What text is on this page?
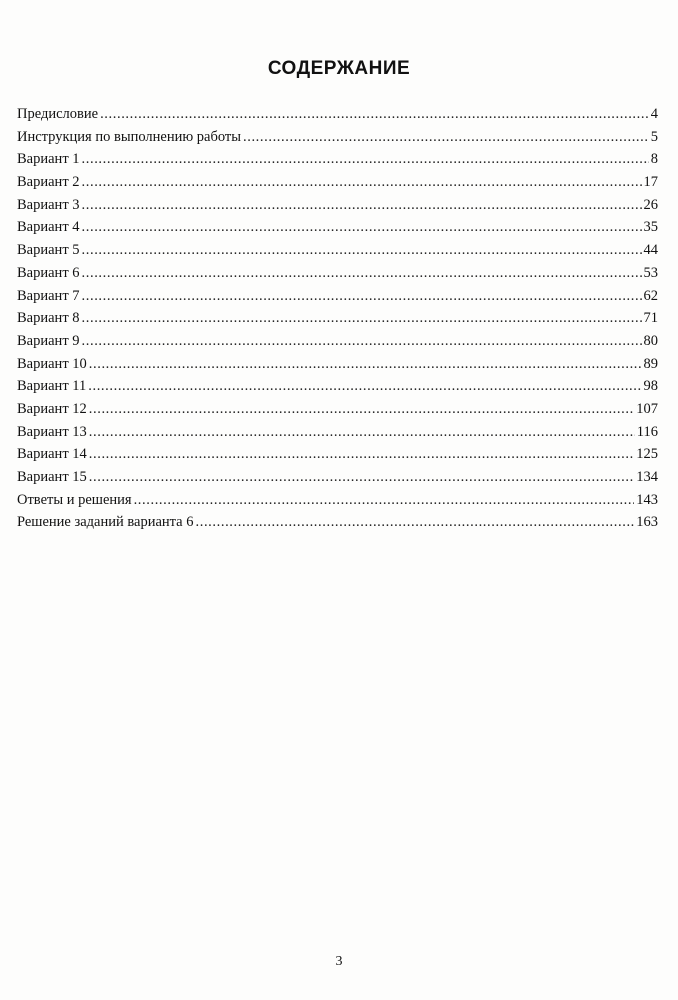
СОДЕРЖАНИЕ
Предисловие .....	4
Инструкция по выполнению работы .....	5
Вариант 1 .....	8
Вариант 2 .....	17
Вариант 3 .....	26
Вариант 4 .....	35
Вариант 5 .....	44
Вариант 6 .....	53
Вариант 7 .....	62
Вариант 8 .....	71
Вариант 9 .....	80
Вариант 10 .....	89
Вариант 11 .....	98
Вариант 12 .....	107
Вариант 13 .....	116
Вариант 14 .....	125
Вариант 15 .....	134
Ответы и решения .....	143
Решение заданий варианта 6 .....	163
3
